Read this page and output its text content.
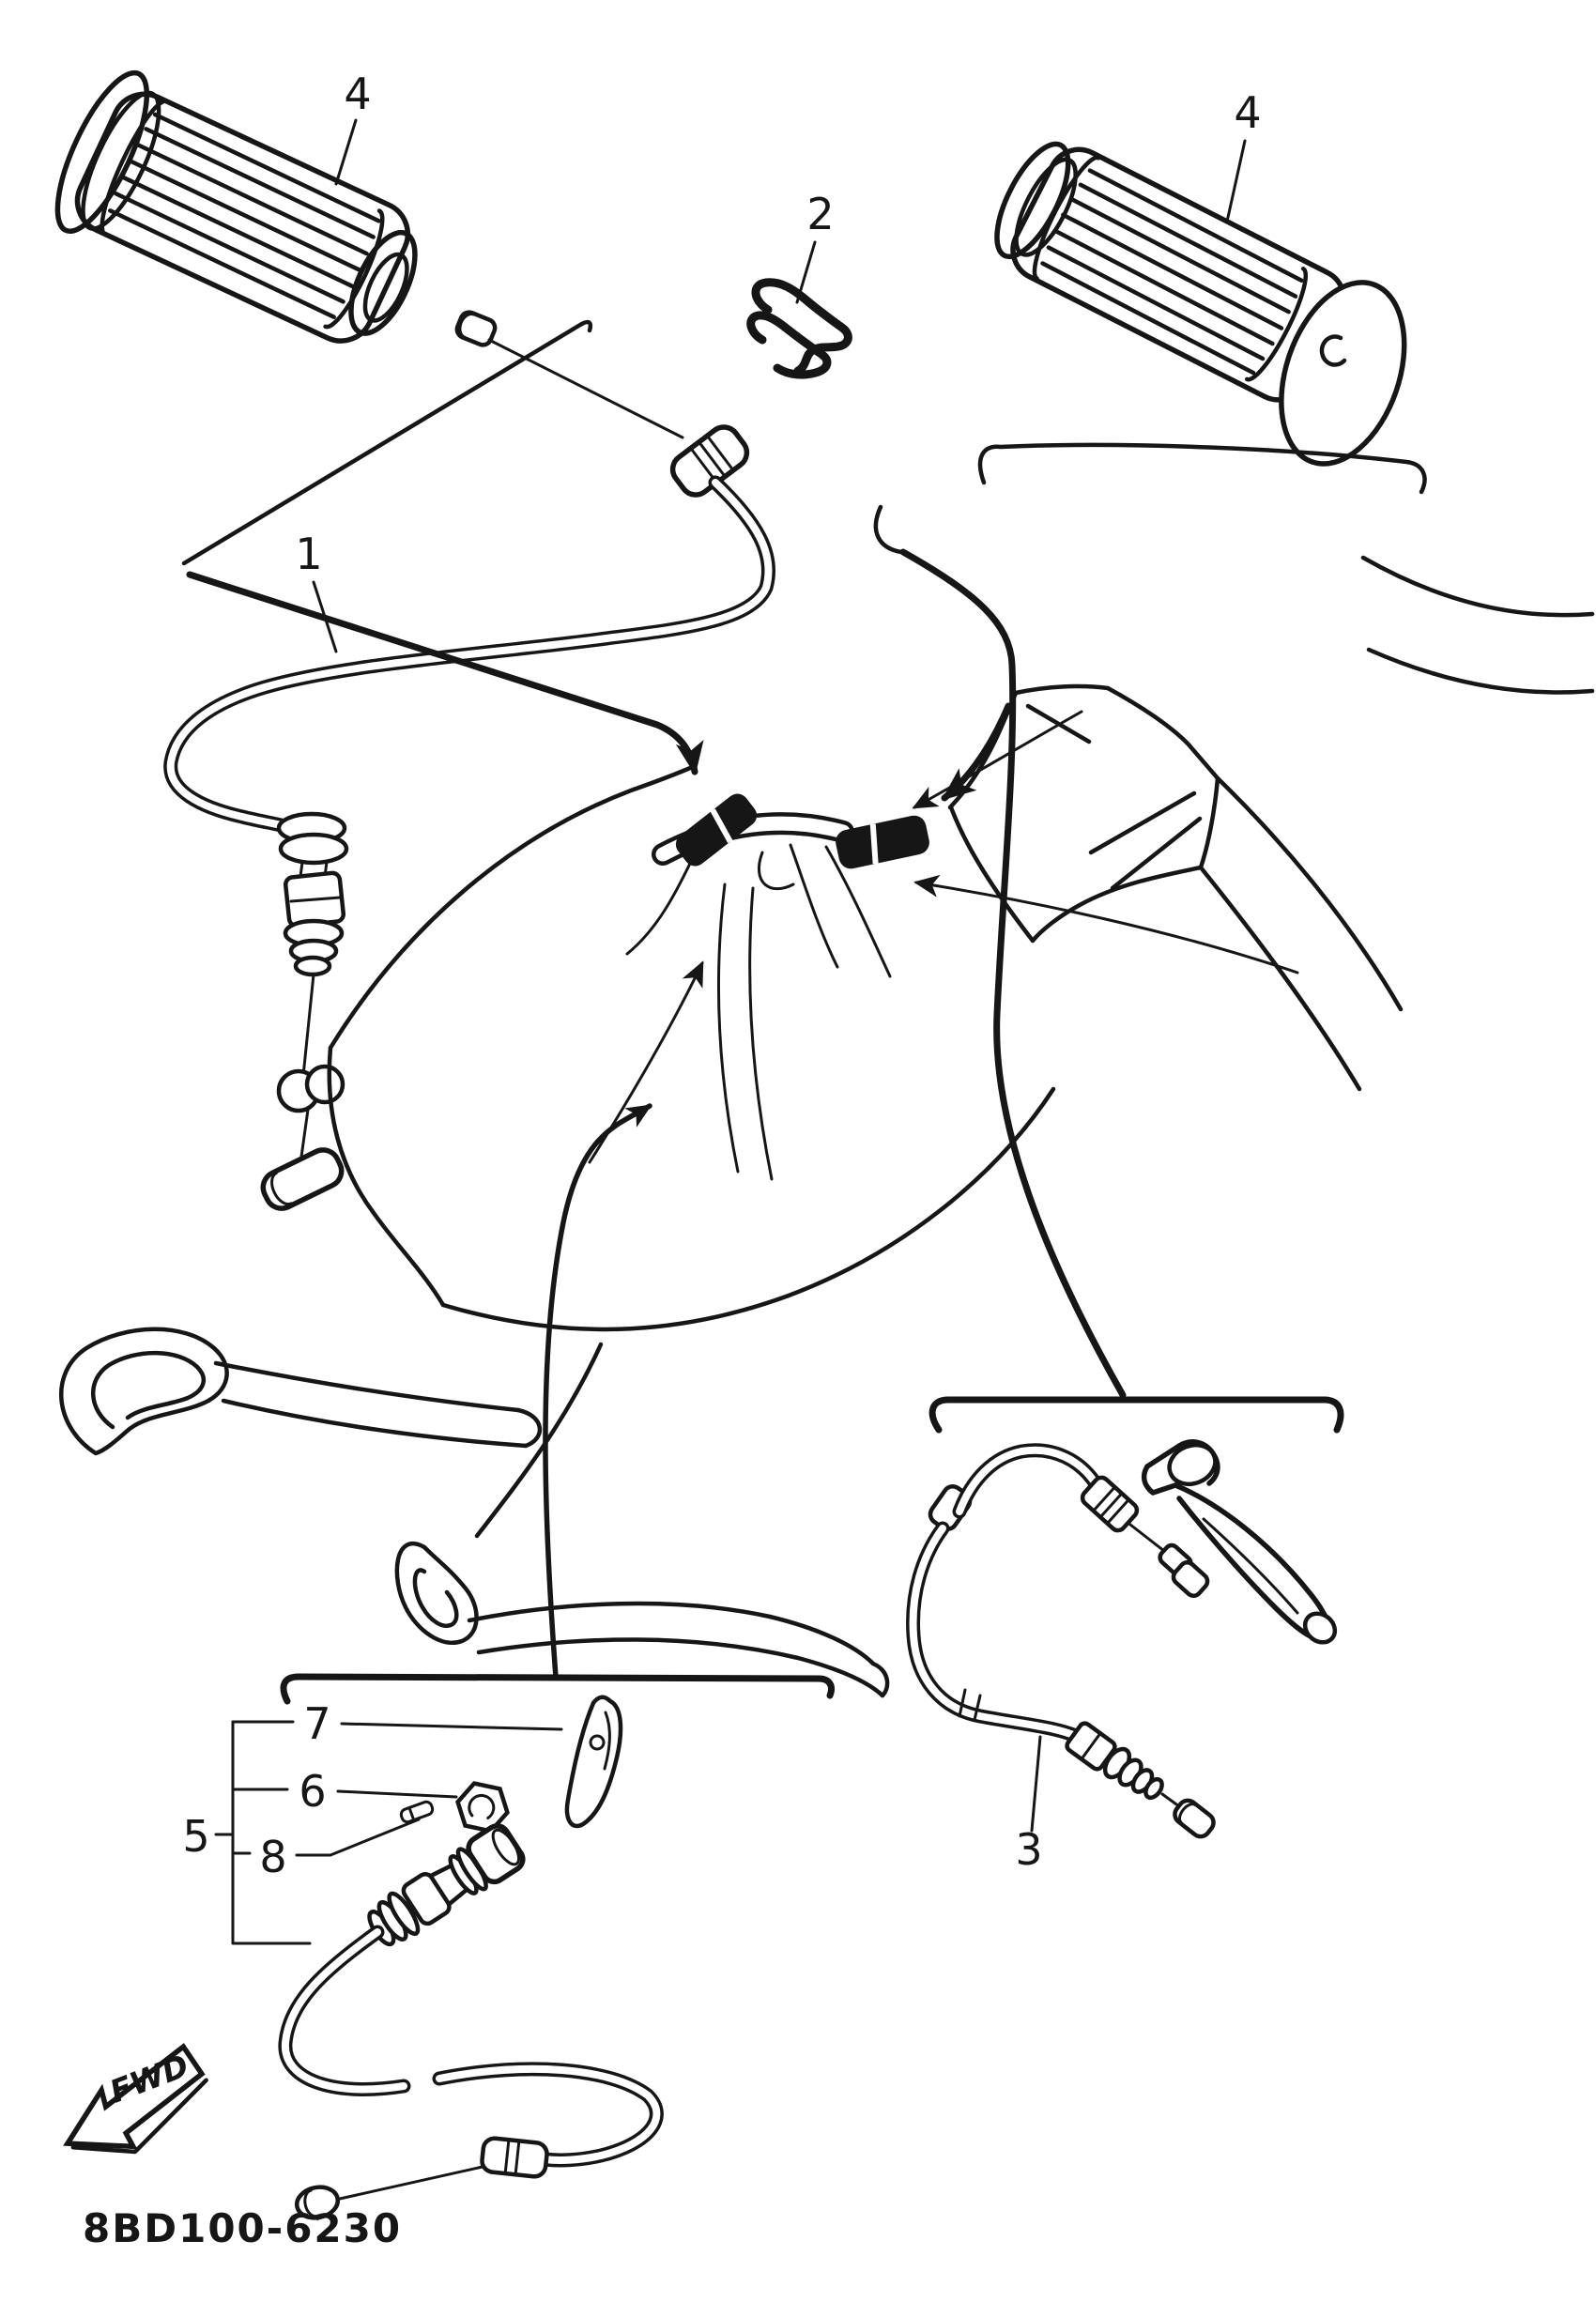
4	4
2
1
3
7
6
5 8
FWD
8BD100-6230
